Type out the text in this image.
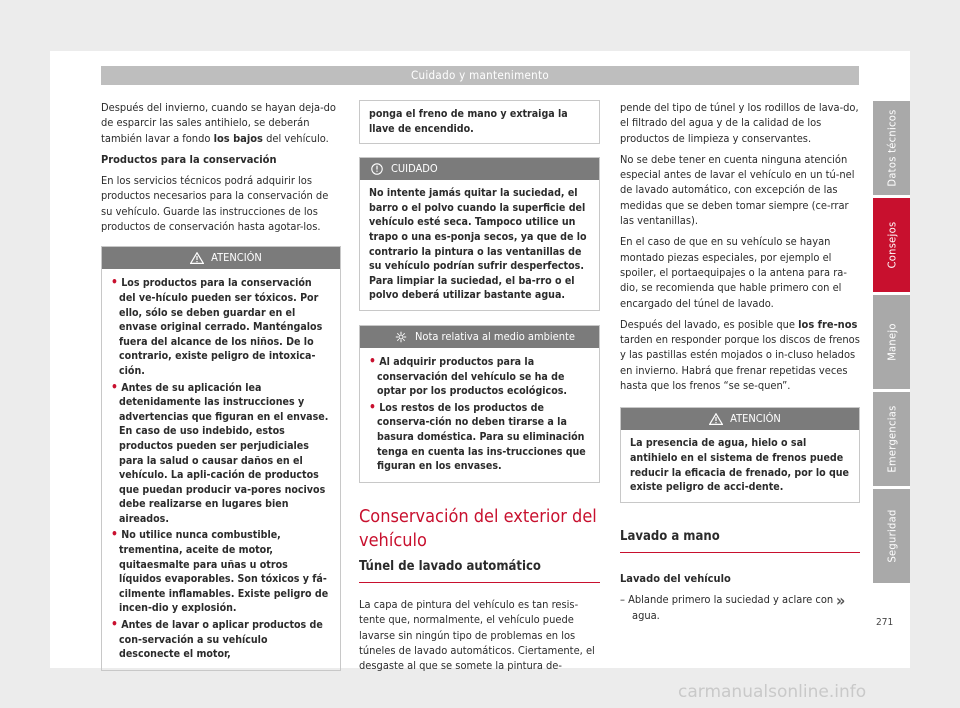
Cuidado y mantenimento

Después del invierno, cuando se hayan deja-do de esparcir las sales antihielo, se deberán también lavar a fondo los bajos del vehículo.

Productos para la conservación

En los servicios técnicos podrá adquirir los productos necesarios para la conservación de su vehículo. Guarde las instrucciones de los productos de conservación hasta agotar-los.

ATENCIÓN
• Los productos para la conservación del ve-hículo pueden ser tóxicos. Por ello, sólo se deben guardar en el envase original cerrado. Manténgalos fuera del alcance de los niños. De lo contrario, existe peligro de intoxica-ción.
• Antes de su aplicación lea detenidamente las instrucciones y advertencias que figuran en el envase. En caso de uso indebido, estos productos pueden ser perjudiciales para la salud o causar daños en el vehículo. La apli-cación de productos que puedan producir va-pores nocivos debe realizarse en lugares bien aireados.
• No utilice nunca combustible, trementina, aceite de motor, quitaesmalte para uñas u otros líquidos evaporables. Son tóxicos y fá-cilmente inflamables. Existe peligro de incen-dio y explosión.
• Antes de lavar o aplicar productos de con-servación a su vehículo desconecte el motor,
ponga el freno de mano y extraiga la llave de encendido.
CUIDADO
No intente jamás quitar la suciedad, el barro o el polvo cuando la superficie del vehículo esté seca. Tampoco utilice un trapo o una es-ponja secos, ya que de lo contrario la pintura o las ventanillas de su vehículo podrían sufrir desperfectos. Para limpiar la suciedad, el ba-rro o el polvo deberá utilizar bastante agua.
Nota relativa al medio ambiente
• Al adquirir productos para la conservación del vehículo se ha de optar por los productos ecológicos.
• Los restos de los productos de conserva-ción no deben tirarse a la basura doméstica. Para su eliminación tenga en cuenta las ins-trucciones que figuran en los envases.
Conservación del exterior del vehículo
Túnel de lavado automático

La capa de pintura del vehículo es tan resis-tente que, normalmente, el vehículo puede lavarse sin ningún tipo de problemas en los túneles de lavado automáticos. Ciertamente, el desgaste al que se somete la pintura de-

pende del tipo de túnel y los rodillos de lava-do, el filtrado del agua y de la calidad de los productos de limpieza y conservantes.

No se debe tener en cuenta ninguna atención especial antes de lavar el vehículo en un tú-nel de lavado automático, con excepción de las medidas que se deben tomar siempre (ce-rrar las ventanillas).

En el caso de que en su vehículo se hayan montado piezas especiales, por ejemplo el spoiler, el portaequipajes o la antena para ra-dio, se recomienda que hable primero con el encargado del túnel de lavado.

Después del lavado, es posible que los fre-nos tarden en responder porque los discos de frenos y las pastillas estén mojados o in-cluso helados en invierno. Habrá que frenar repetidas veces hasta que los frenos “se se-quen”.

ATENCIÓN
La presencia de agua, hielo o sal antihielo en el sistema de frenos puede reducir la eficacia de frenado, por lo que existe peligro de acci-dente.
Lavado a mano

Lavado del vehículo

– Ablande primero la suciedad y aclare con agua.

Datos técnicos
Consejos
Manejo
Emergencias
Seguridad
»
271
carmanualsonline.info
